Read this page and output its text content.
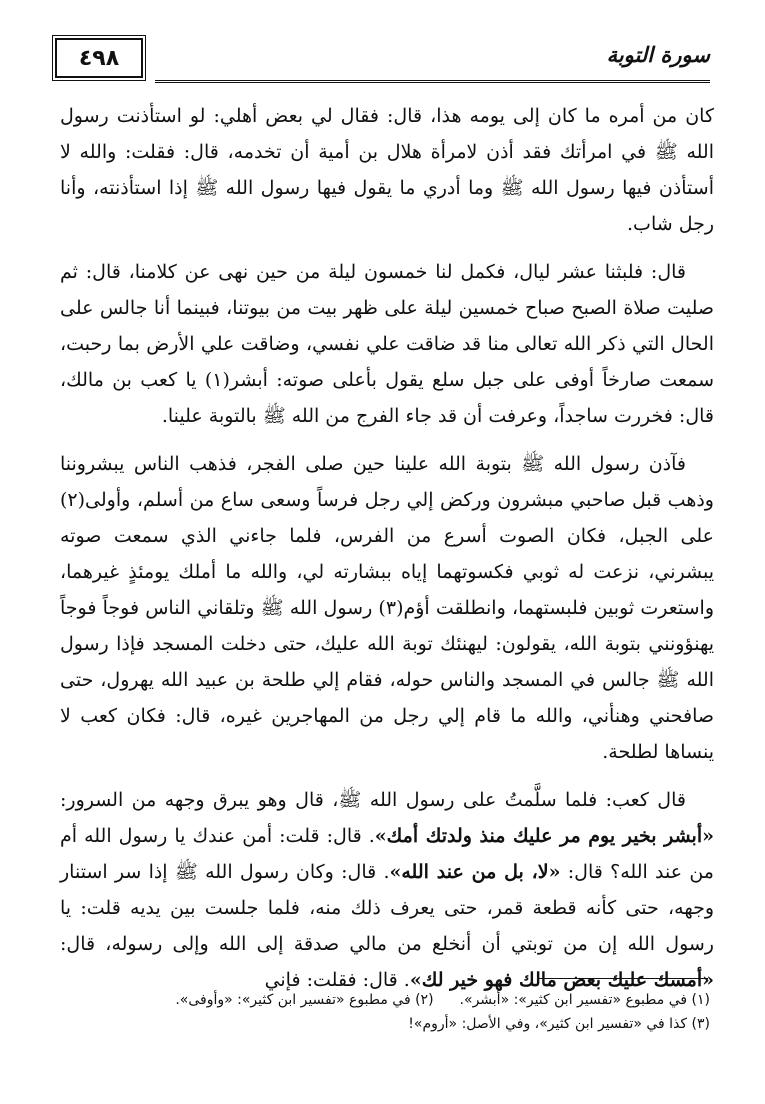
٤٩٨	سورة التوبة

كان من أمره ما كان إلى يومه هذا، قال: فقال لي بعض أهلي: لو استأذنت رسول الله ﷺ في امرأتك فقد أذن لامرأة هلال بن أمية أن تخدمه، قال: فقلت: والله لا أستأذن فيها رسول الله ﷺ وما أدري ما يقول فيها رسول الله ﷺ إذا استأذنته، وأنا رجل شاب.

قال: فلبثنا عشر ليال، فكمل لنا خمسون ليلة من حين نهى عن كلامنا، قال: ثم صليت صلاة الصبح صباح خمسين ليلة على ظهر بيت من بيوتنا، فبينما أنا جالس على الحال التي ذكر الله تعالى منا قد ضاقت علي نفسي، وضاقت علي الأرض بما رحبت، سمعت صارخاً أوفى على جبل سلع يقول بأعلى صوته: أبشر(١) يا كعب بن مالك، قال: فخررت ساجداً، وعرفت أن قد جاء الفرج من الله ﷺ بالتوبة علينا.

فآذن رسول الله ﷺ بتوبة الله علينا حين صلى الفجر، فذهب الناس يبشروننا وذهب قبل صاحبي مبشرون وركض إلي رجل فرساً وسعى ساع من أسلم، وأولى(٢) على الجبل، فكان الصوت أسرع من الفرس، فلما جاءني الذي سمعت صوته يبشرني، نزعت له ثوبي فكسوتهما إياه ببشارته لي، والله ما أملك يومئذٍ غيرهما، واستعرت ثوبين فلبستهما، وانطلقت أؤم(٣) رسول الله ﷺ وتلقاني الناس فوجاً فوجاً يهنؤونني بتوبة الله، يقولون: ليهنئك توبة الله عليك، حتى دخلت المسجد فإذا رسول الله ﷺ جالس في المسجد والناس حوله، فقام إلي طلحة بن عبيد الله يهرول، حتى صافحني وهنأني، والله ما قام إلي رجل من المهاجرين غيره، قال: فكان كعب لا ينساها لطلحة.

قال كعب: فلما سلَّمتُ على رسول الله ﷺ، قال وهو يبرق وجهه من السرور: «أبشر بخير يوم مر عليك منذ ولدتك أمك». قال: قلت: أمن عندك يا رسول الله أم من عند الله؟ قال: «لا، بل من عند الله». قال: وكان رسول الله ﷺ إذا سر استنار وجهه، حتى كأنه قطعة قمر، حتى يعرف ذلك منه، فلما جلست بين يديه قلت: يا رسول الله إن من توبتي أن أنخلع من مالي صدقة إلى الله وإلى رسوله، قال: «أمسك عليك بعض مالك فهو خير لك». قال: فقلت: فإني

(١) في مطبوع «تفسير ابن كثير»: «أبشر».(٢) في مطبوع «تفسير ابن كثير»: «وأوفى».
(٣) كذا في «تفسير ابن كثير»، وفي الأصل: «أروم»!
